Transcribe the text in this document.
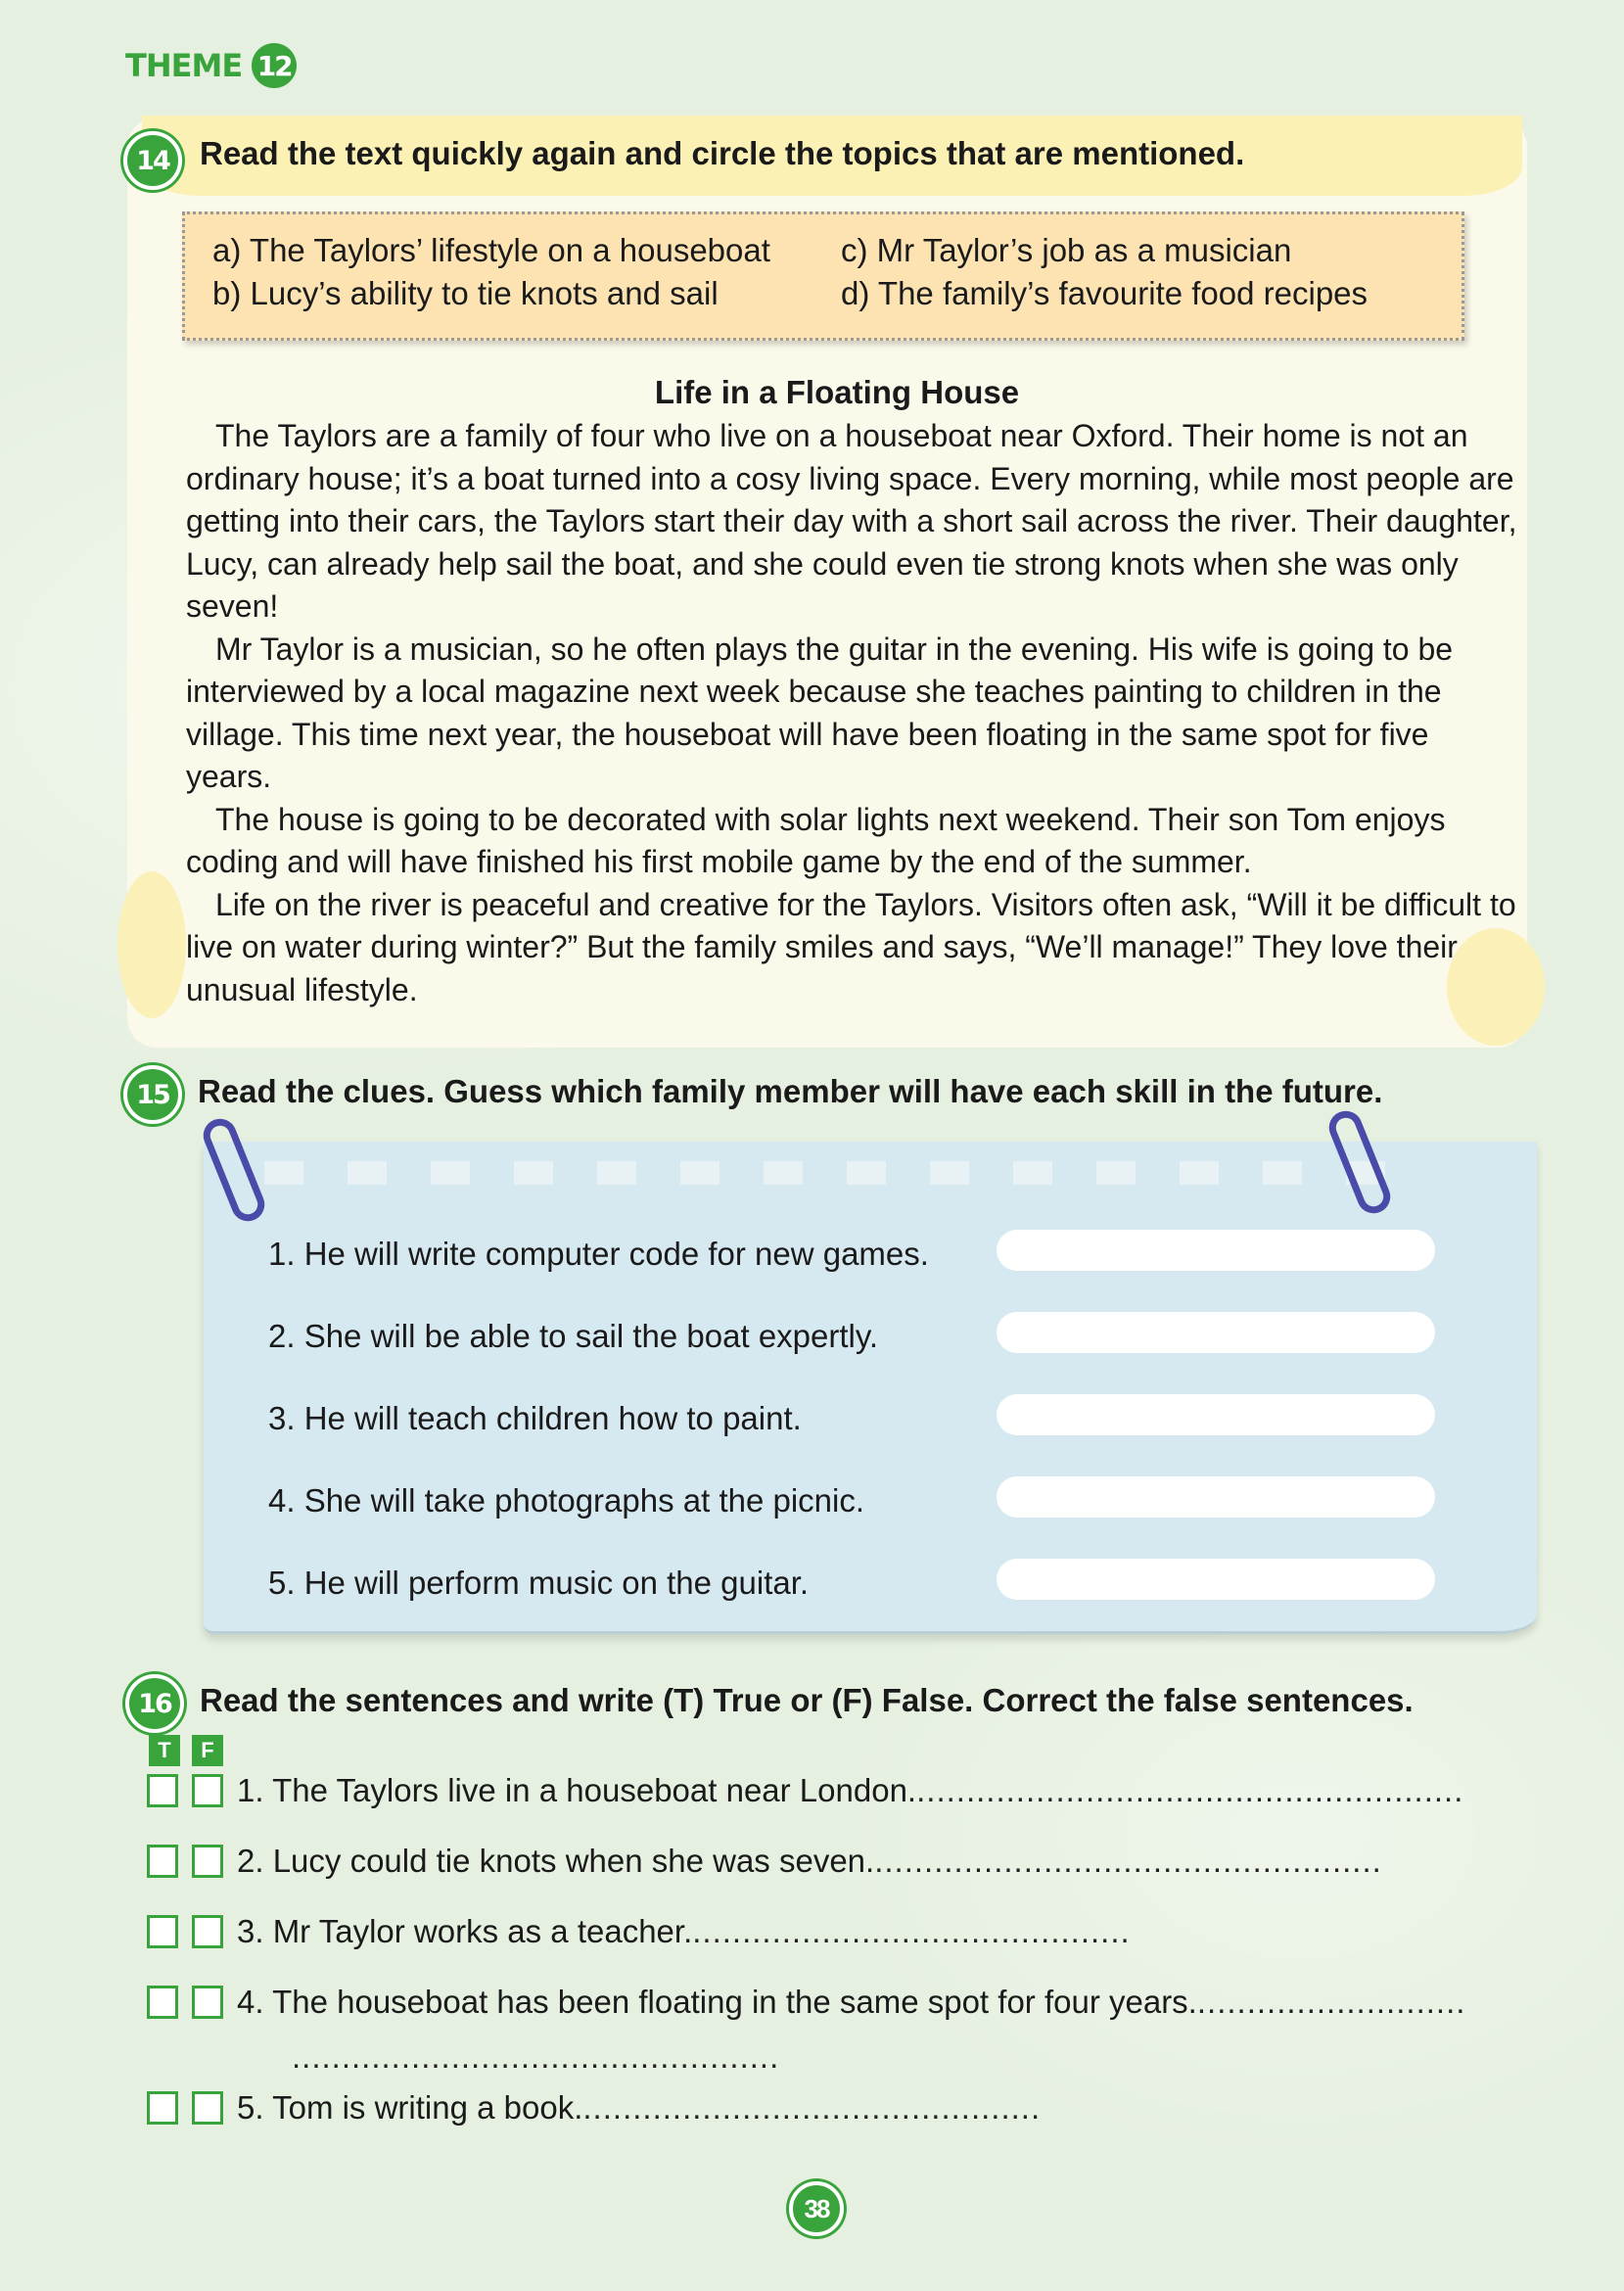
THEME 12
14 Read the text quickly again and circle the topics that are mentioned.
a) The Taylors’ lifestyle on a houseboat	c) Mr Taylor’s job as a musician
b) Lucy’s ability to tie knots and sail	d) The family’s favourite food recipes
Life in a Floating House

The Taylors are a family of four who live on a houseboat near Oxford. Their home is not an ordinary house; it’s a boat turned into a cosy living space. Every morning, while most people are getting into their cars, the Taylors start their day with a short sail across the river. Their daughter, Lucy, can already help sail the boat, and she could even tie strong knots when she was only seven!

Mr Taylor is a musician, so he often plays the guitar in the evening. His wife is going to be interviewed by a local magazine next week because she teaches painting to children in the village. This time next year, the houseboat will have been floating in the same spot for five years.

The house is going to be decorated with solar lights next weekend. Their son Tom enjoys coding and will have finished his first mobile game by the end of the summer.

Life on the river is peaceful and creative for the Taylors. Visitors often ask, “Will it be difficult to live on water during winter?” But the family smiles and says, “We’ll manage!” They love their unusual lifestyle.

15 Read the clues. Guess which family member will have each skill in the future.
1. He will write computer code for new games.
2. She will be able to sail the boat expertly.
3. He will teach children how to paint.
4. She will take photographs at the picnic.
5. He will perform music on the guitar.
16 Read the sentences and write (T) True or (F) False. Correct the false sentences.
T	F
1. The Taylors live in a houseboat near London. .......................................................
2. Lucy could tie knots when she was seven. ...................................................
3. Mr Taylor works as a teacher. ............................................
4. The houseboat has been floating in the same spot for four years. ...........................
.................................................
5. Tom is writing a book. ..............................................
38
